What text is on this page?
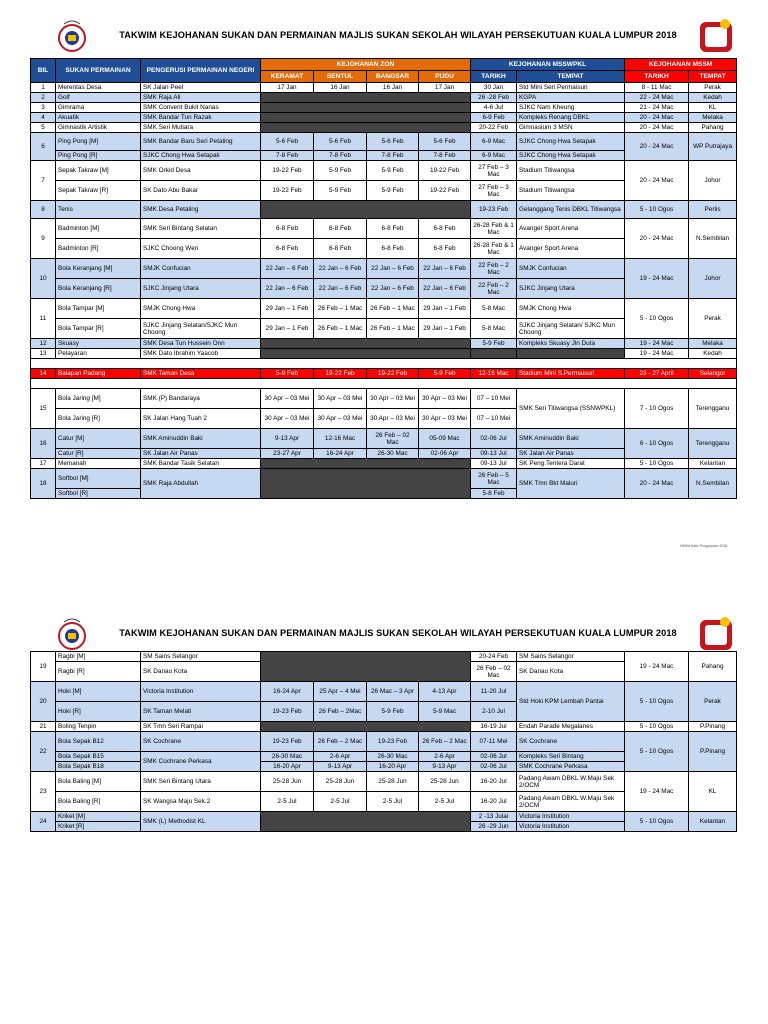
TAKWIM KEJOHANAN SUKAN DAN PERMAINAN MAJLIS SUKAN SEKOLAH WILAYAH PERSEKUTUAN KUALA LUMPUR 2018
BIL	SUKAN PERMAINAN	PENGERUSI PERMAINAN NEGERI	KEJOHANAN ZON				KEJOHANAN MSSWPKL		KEJOHANAN MSSM	
			KERAMAT	SENTUL	BANGSAR	PUDU	TARIKH	TEMPAT	TARIKH	TEMPAT
1	Merentas Desa	SK Jalan Peel	17 Jan	16 Jan	16 Jan	17 Jan	30 Jan	Std Mini Seri Permaisuri	8 - 11 Mac	Perak
2	Golf	SMK Raja Ali					26 -28 Feb	KGPA	22 - 24 Mac	Kedah
3	Gimrama	SMK Convent Bukit Nanas					4-6 Jul	SJKC Nam Kheung	21 - 24 Mac	KL
4	Akuatik	SMK Bandar Tun Razak					6-9 Feb	Kompleks Renang DBKL	20 - 24 Mac	Melaka
5	Gimnastik Artistik	SMK Seri Mutiara					20-22 Feb	Gimnasium 3 MSN	20 - 24 Mac	Pahang
6	Ping Pong [M]	SMK Bandar Baru Seri Petaling	5-6 Feb	5-6 Feb	5-6 Feb	5-6 Feb	6-9 Mac	SJKC Chong Hwa Setapak	20 - 24 Mac	WP Putrajaya
	Ping Pong [R]	SJKC Chong Hwa Setapak	7-8 Feb	7-8 Feb	7-8 Feb	7-8 Feb	6-9 Mac	SJKC Chong Hwa Setapak		
7	Sepak Takraw [M]	SMK Orkid Desa	19-22 Feb	5-9 Feb	5-9 Feb	19-22 Feb	27 Feb – 3 Mac	Stadium Titiwangsa	20 - 24 Mac	Johor
	Sepak Takraw [R]	SK Dato Abu Bakar	19-22 Feb	5-9 Feb	5-9 Feb	19-22 Feb	27 Feb – 3 Mac	Stadium Titiwangsa		
8	Tenis	SMK Desa Petaling					19-23 Feb	Gelanggang Tenis DBKL Titiwangsa	5 - 10 Ogos	Perlis
9	Badminton [M]	SMK Seri Bintang Selatan	6-8 Feb	6-8 Feb	6-8 Feb	6-8 Feb	26-28 Feb & 1 Mac	Avanger Sport Arena	20 - 24 Mac	N.Sembilan
	Badminton [R]	SJKC Choong Wen	6-8 Feb	6-8 Feb	6-8 Feb	6-8 Feb	26-28 Feb & 1 Mac	Avanger Sport Arena		
10	Bola Keranjang [M]	SMJK Confucian	22 Jan – 6 Feb	22 Jan – 6 Feb	22 Jan – 6 Feb	22 Jan – 6 Feb	22 Feb – 2 Mac	SMJK Confucian	19 - 24 Mac	Johor
	Bola Keranjang [R]	SJKC Jinjang Utara	22 Jan – 6 Feb	22 Jan – 6 Feb	22 Jan – 6 Feb	22 Jan – 6 Feb	22 Feb – 2 Mac	SJKC Jinjang Utara		
11	Bola Tampar [M]	SMJK Chong Hwa	29 Jan – 1 Feb	26 Feb – 1 Mac	26 Feb – 1 Mac	29 Jan – 1 Feb	5-8 Mac	SMJK Chong Hwa	5 - 10 Ogos	Perak
	Bola Tampar [R]	SJKC Jinjang Selatan/SJKC Mun Choong	29 Jan – 1 Feb	26 Feb – 1 Mac	26 Feb – 1 Mac	29 Jan – 1 Feb	5-8 Mac	SJKC Jinjang Selatan/ SJKC Mun Choong		
12	Skuasy	SMK Desa Tun Hussein Onn					5-9 Feb	Kompleks Skuasy Jln Duta	19 - 24 Mac	Melaka
13	Pelayaran	SMK Dato Ibrahim Yaacob							19 - 24 Mac	Kedah

14	Balapan Padang	SMK Taman Desa	5-9 Feb	19-22 Feb	19-22 Feb	5-9 Feb	12-16 Mac	Stadium Mini S.Permaisuri	23 - 27 April	Selangor

15	Bola Jaring [M]	SMK (P) Bandaraya	30 Apr – 03 Mei	30 Apr – 03 Mei	30 Apr – 03 Mei	30 Apr – 03 Mei	07 – 10 Mei	SMK Seri Titiwangsa (SSNWPKL)	7 - 10 Ogos	Terengganu
	Bola Jaring [R]	SK Jalan Hang Tuah 2	30 Apr – 03 Mei	30 Apr – 03 Mei	30 Apr – 03 Mei	30 Apr – 03 Mei	07 – 10 Mei			
16	Catur [M]	SMK Aminuddin Baki	9-13 Apr	12-16 Mac	26 Feb – 02 Mac	05-09 Mac	02-06 Jul	SMK Aminuddin Baki	6 - 10 Ogos	Terengganu
	Catur [R]	SK Jalan Air Panas	23-27 Apr	16-24 Apr	26-30 Mac	02-06 Apr	09-13 Jul	SK Jalan Air Panas		
17	Memanah	SMK Bandar Tasik Selatan					09-13 Jul	SK Peng.Tentera Darat	5 - 10 Ogos	Kelantan
18	Softbol [M]	SMK Raja Abdullah					26 Feb – 5 Mac	SMK Tmn Bkt Maluri	20 - 24 Mac	N.Sembilan
	Softbol [R]						5-8 Feb			
HBSM Kalis Pengurusan 2018
TAKWIM KEJOHANAN SUKAN DAN PERMAINAN MAJLIS SUKAN SEKOLAH WILAYAH PERSEKUTUAN KUALA LUMPUR 2018
19	Ragbi [M]	SM Sains Selangor					20-24 Feb	SM Sains Selangor	19 - 24 Mac	Pahang
	Ragbi [R]	SK Danau Kota					26 Feb – 02 Mac	SK Danau Kota		
20	Hoki [M]	Victoria Institution	16-24 Apr	25 Apr – 4 Mei	26 Mac – 3 Apr	4-13 Apr	11-20 Jul	Std Hoki KPM Lembah Pantai	5 - 10 Ogos	Perak
	Hoki [R]	SK Taman Melati	19-23 Feb	26 Feb – 2Mac	5-9 Feb	5-9 Mac	2-10 Jul			
21	Boling Tenpin	SK Tmn Seri Rampai					16-19 Jul	Endah Parade Megalanes	5 - 10 Ogos	P.Pinang
22	Bola Sepak B12	SK Cochrane	19-23 Feb	26 Feb – 2 Mac	19-23 Feb	26 Feb – 2 Mac	07-11 Mei	SK Cochrane	5 - 10 Ogos	P.Pinang
	Bola Sepak B15	SMK Cochrane Perkasa	26-30 Mac	2-6 Apr	26-30 Mac	2-6 Apr	02-06 Jul	Kompleks Seri Bintang		
	Bola Sepak B18		16-20 Apr	9-13 Apr	16-20 Apr	9-13 Apr	02-06 Jul	SMK Cochrane Perkasa		
23	Bola Baling [M]	SMK Seri Bintang Utara	25-28 Jun	25-28 Jun	25-28 Jun	25-28 Jun	16-20 Jul	Padang Awam DBKL W.Maju Sek 2/OCM	19 - 24 Mac	KL
	Bola Baling [R]	SK Wangsa Maju Sek.2	2-5 Jul	2-5 Jul	2-5 Jul	2-5 Jul	16-20 Jul	Padang Awam DBKL W.Maju Sek 2/OCM		
24	Kriket [M]	SMK (L) Methodist KL					2 -13 Julai	Victoria Institution	5 - 10 Ogos	Kelantan
	Kriket [R]						26 -29 Jun	Victoria Institution		
